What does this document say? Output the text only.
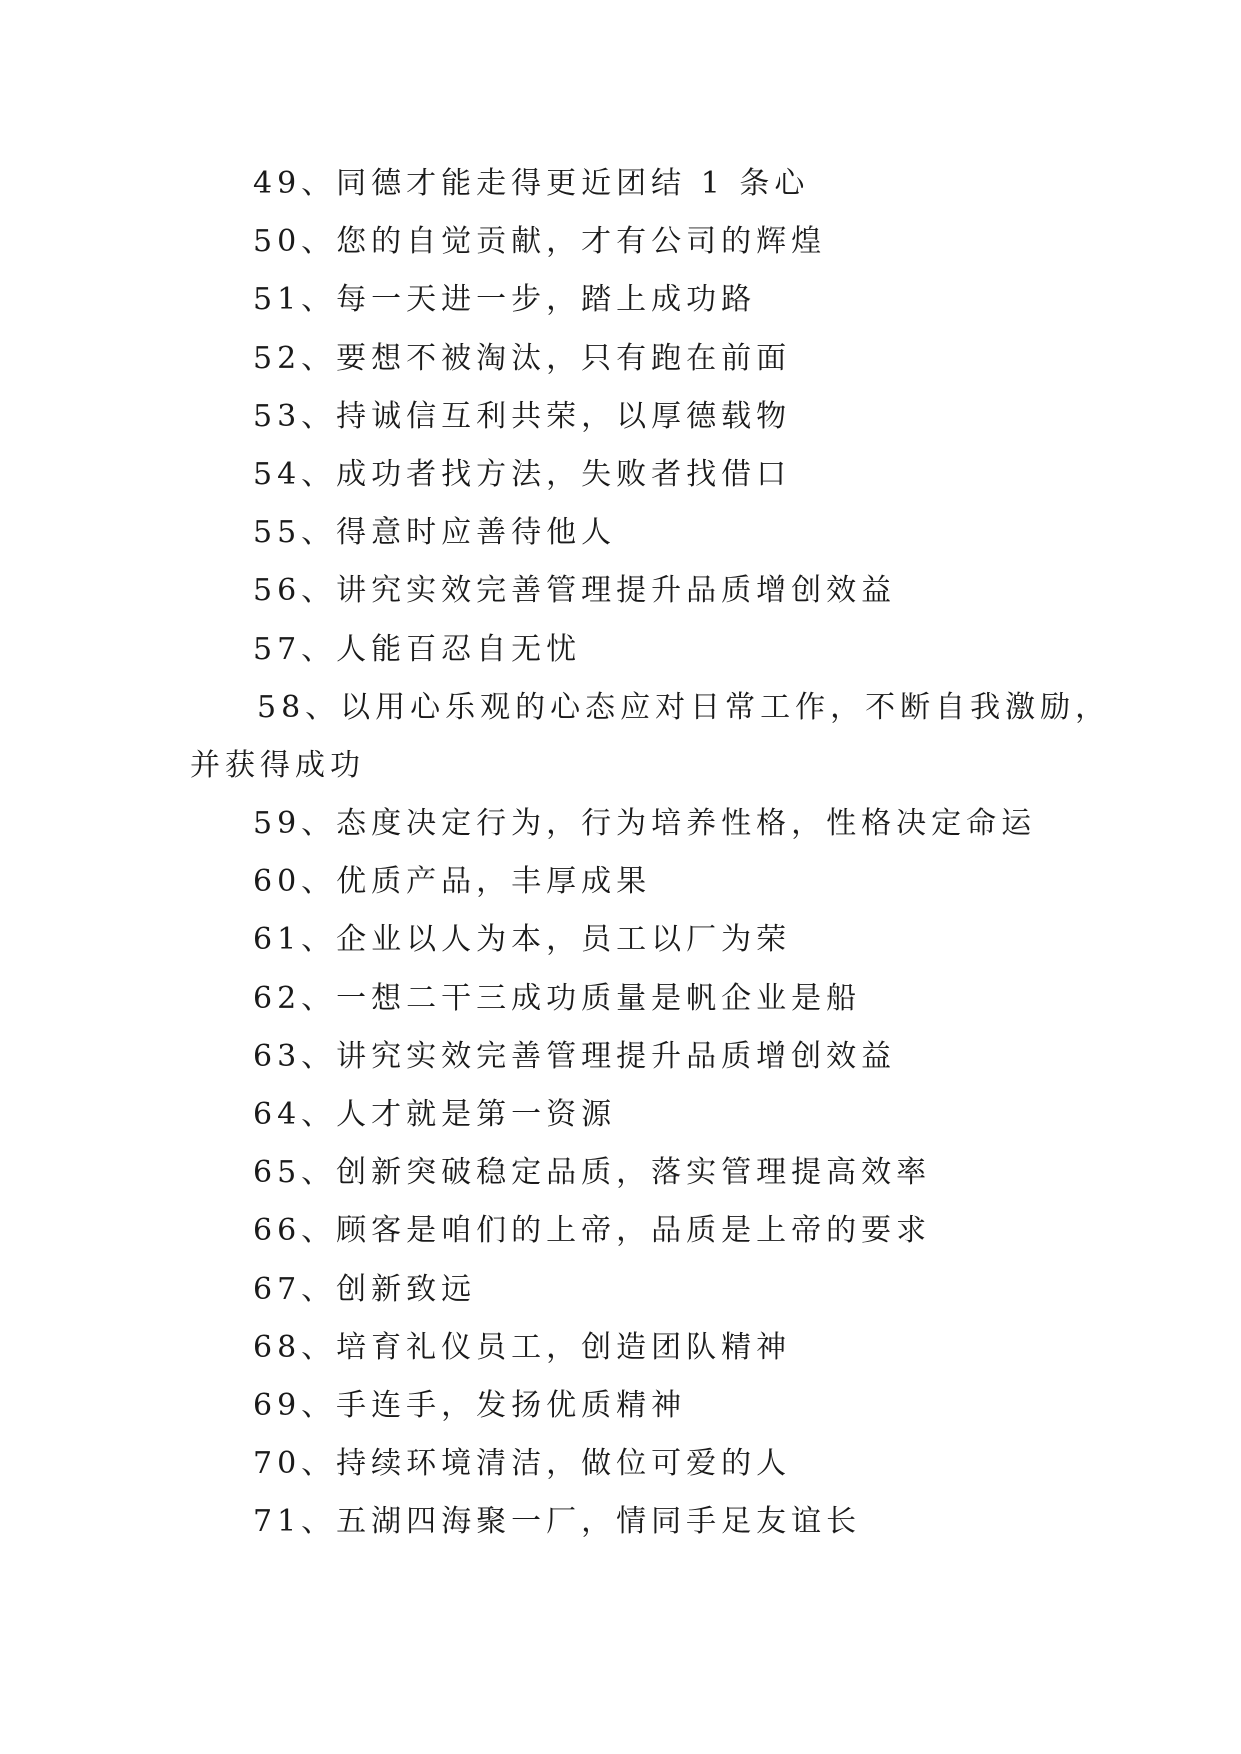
49、同德才能走得更近团结 1 条心
50、您的自觉贡献，才有公司的辉煌
51、每一天进一步，踏上成功路
52、要想不被淘汰，只有跑在前面
53、持诚信互利共荣，以厚德载物
54、成功者找方法，失败者找借口
55、得意时应善待他人
56、讲究实效完善管理提升品质增创效益
57、人能百忍自无忧
58、以用心乐观的心态应对日常工作，不断自我激励，
并获得成功
59、态度决定行为，行为培养性格，性格决定命运
60、优质产品，丰厚成果
61、企业以人为本，员工以厂为荣
62、一想二干三成功质量是帆企业是船
63、讲究实效完善管理提升品质增创效益
64、人才就是第一资源
65、创新突破稳定品质，落实管理提高效率
66、顾客是咱们的上帝，品质是上帝的要求
67、创新致远
68、培育礼仪员工，创造团队精神
69、手连手，发扬优质精神
70、持续环境清洁，做位可爱的人
71、五湖四海聚一厂，情同手足友谊长
